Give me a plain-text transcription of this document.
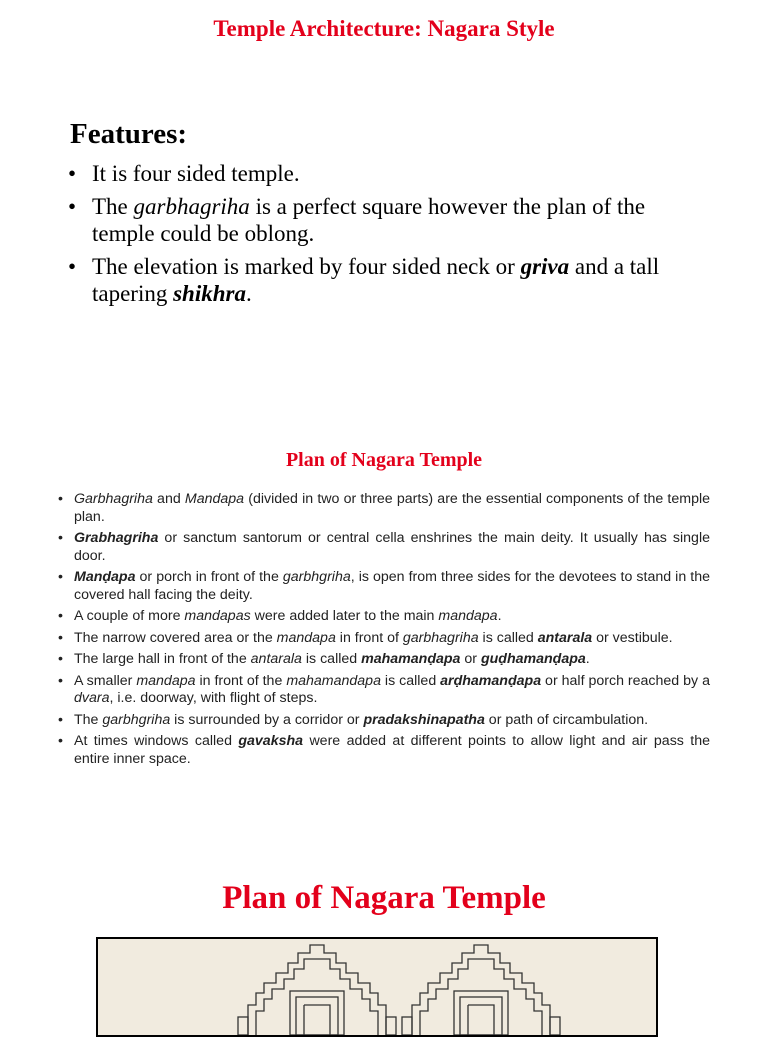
Temple Architecture: Nagara Style
Features:
• It is four sided temple.
• The garbhagriha is a perfect square however the plan of the temple could be oblong.
• The elevation is marked by four sided neck or griva and a tall tapering shikhra.
Plan of Nagara Temple
• Garbhagriha and Mandapa (divided in two or three parts) are the essential components of the temple plan.
• Grabhagriha or sanctum santorum or central cella enshrines the main deity. It usually has single door.
• Manḍapa or porch in front of the garbhgriha, is open from three sides for the devotees to stand in the covered hall facing the deity.
• A couple of more mandapas were added later to the main mandapa.
• The narrow covered area or the mandapa in front of garbhagriha is called antarala or vestibule.
• The large hall in front of the antarala is called mahamanḍapa or guḍhamanḍapa.
• A smaller mandapa in front of the mahamandapa is called arḍhamanḍapa or half porch reached by a dvara, i.e. doorway, with flight of steps.
• The garbhgriha is surrounded by a corridor or pradakshinapatha or path of circambulation.
• At times windows called gavaksha were added at different points to allow light and air pass the entire inner space.
Plan of Nagara Temple
